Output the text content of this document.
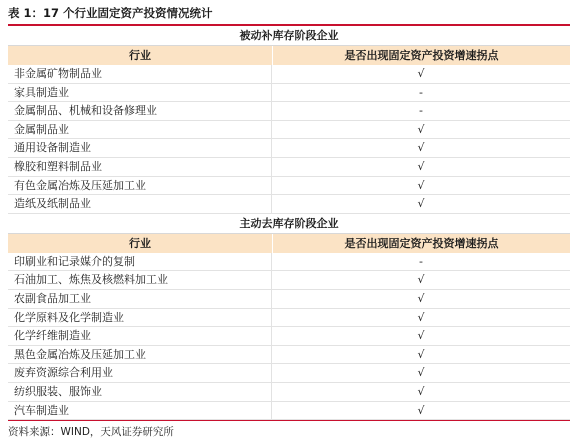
表 1：17 个行业固定资产投资情况统计
被动补库存阶段企业
行业	是否出现固定资产投资增速拐点
非金属矿物制品业	√
家具制造业	-
金属制品、机械和设备修理业	-
金属制品业	√
通用设备制造业	√
橡胶和塑料制品业	√
有色金属冶炼及压延加工业	√
造纸及纸制品业	√
主动去库存阶段企业
行业	是否出现固定资产投资增速拐点
印刷业和记录媒介的复制	-
石油加工、炼焦及核燃料加工业	√
农副食品加工业	√
化学原料及化学制造业	√
化学纤维制造业	√
黑色金属冶炼及压延加工业	√
废弃资源综合利用业	√
纺织服装、服饰业	√
汽车制造业	√
资料来源：WIND，天风证券研究所
